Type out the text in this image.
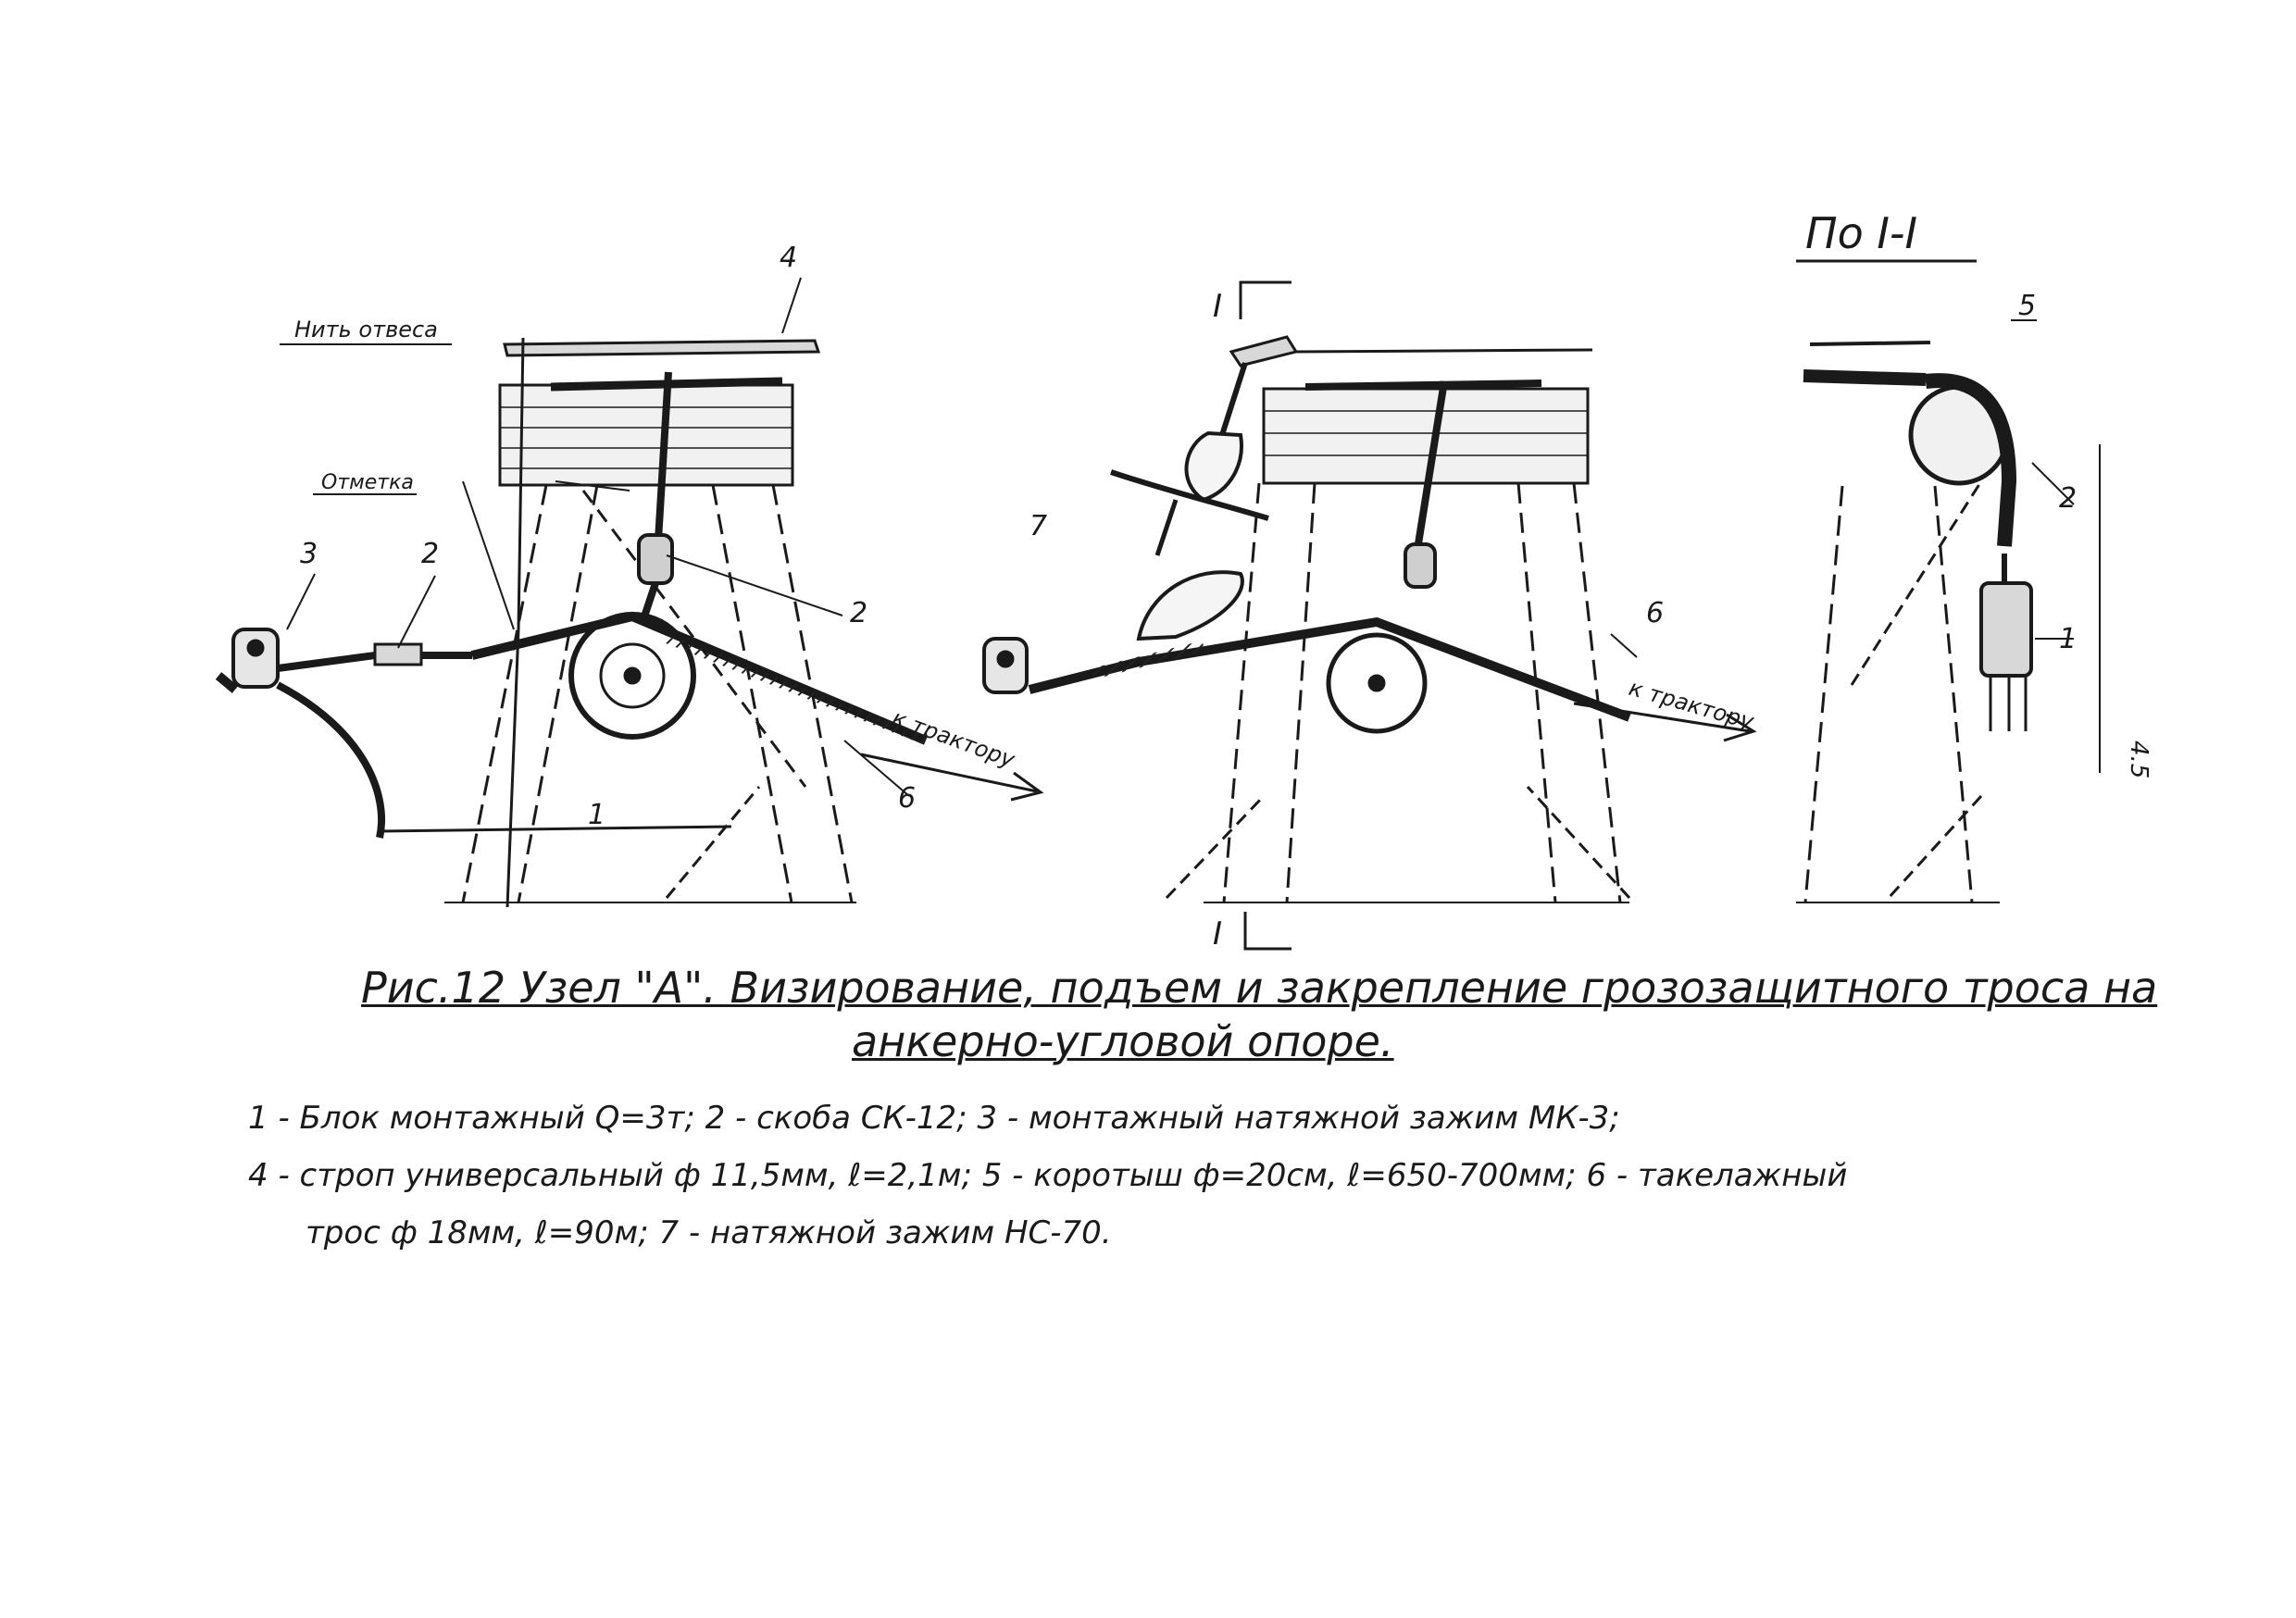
Нить отвеса
Отметка
3	2
4
2
6
1
к трактору
I
I
7
6
к трактору
По I-I
5
2
1
4.5
Рис.12 Узел "А". Визирование, подъем и закрепление грозозащитного троса на
анкерно-угловой опоре.
1 - Блок монтажный Q=3т; 2 - скоба СК-12; 3 - монтажный натяжной зажим МК-3;
4 - строп универсальный ф 11,5мм, ℓ=2,1м; 5 - коротыш ф=20см, ℓ=650-700мм; 6 - такелажный
трос ф 18мм, ℓ=90м; 7 - натяжной зажим НС-70.
